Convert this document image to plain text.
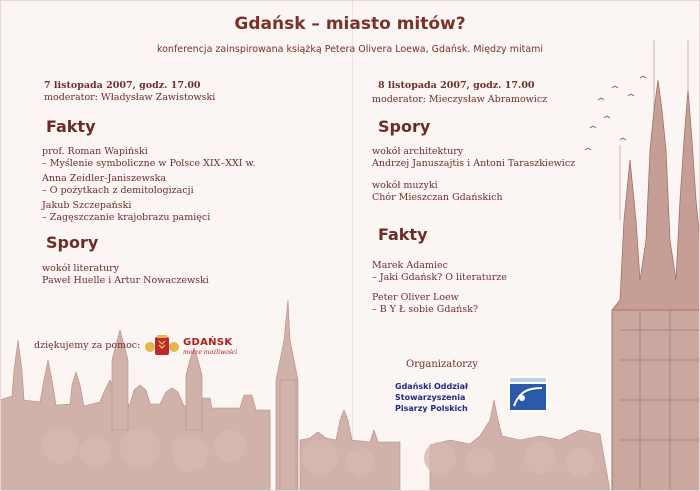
Gdańsk – miasto mitów?
konferencja zainspirowana książką Petera Olivera Loewa, Gdańsk. Między mitami
7 listopada 2007, godz. 17.00
moderator: Władysław Zawistowski
Fakty
prof. Roman Wapiński
– Myślenie symboliczne w Polsce XIX–XXI w.
Anna Zeidler-Janiszewska
– O pożytkach z demitologizacji
Jakub Szczepański
– Zagęszczanie krajobrazu pamięci
Spory
wokół literatury
Paweł Huelle i Artur Nowaczewski
8 listopada 2007, godz. 17.00
moderator: Mieczysław Abramowicz
Spory
wokół architektury
Andrzej Januszajtis i Antoni Taraszkiewicz
wokół muzyki
Chór Mieszczan Gdańskich
Fakty
Marek Adamiec
– Jaki Gdańsk? O literaturze
Peter Oliver Loew
– B Y Ł sobie Gdańsk?
dziękujemy za pomoc:	GDAŃSK
morze możliwości
Organizatorzy
Gdański Oddział
Stowarzyszenia
Pisarzy Polskich
